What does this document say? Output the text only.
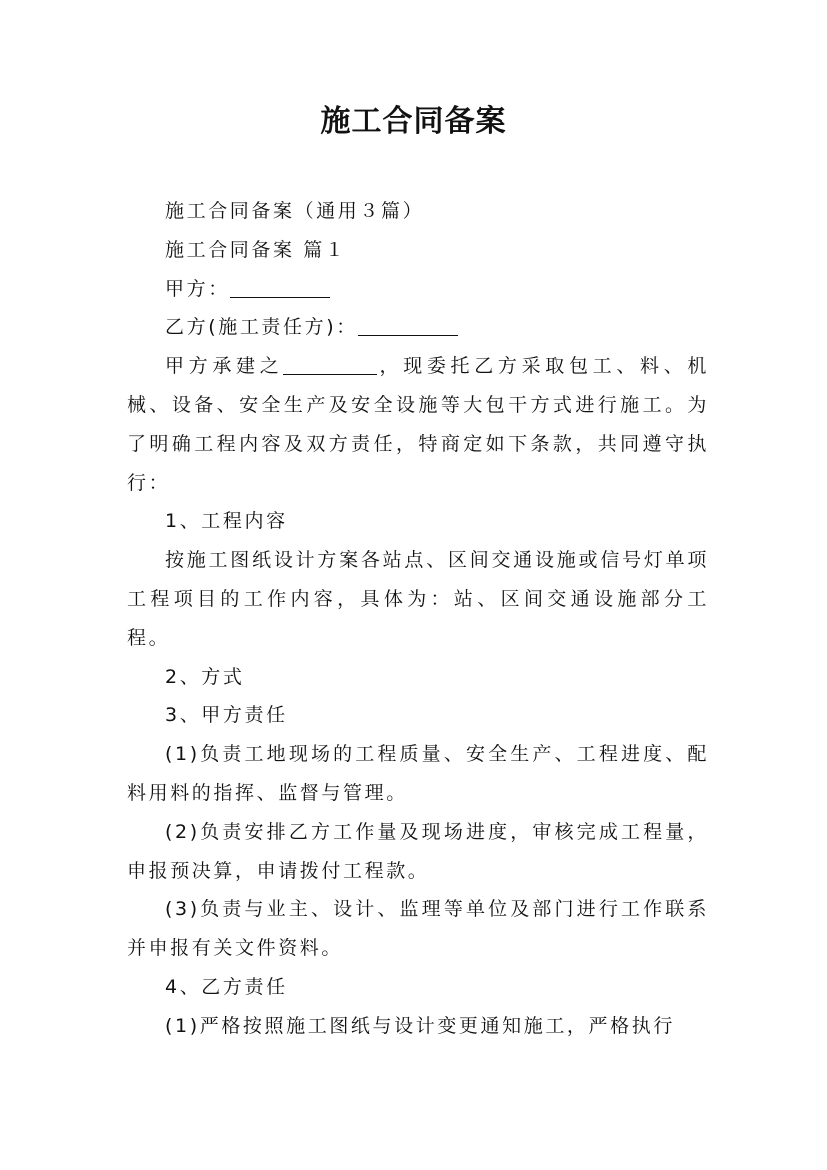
施工合同备案

施工合同备案（通用３篇）

施工合同备案 篇１

甲方：

乙方(施工责任方)：

甲方承建之	，现委托乙方采取包工、料、机械、设备、安全生产及安全设施等大包干方式进行施工。为了明确工程内容及双方责任，特商定如下条款，共同遵守执行：

1、工程内容

按施工图纸设计方案各站点、区间交通设施或信号灯单项工程项目的工作内容，具体为：站、区间交通设施部分工程。

2、方式

3、甲方责任

(1)负责工地现场的工程质量、安全生产、工程进度、配料用料的指挥、监督与管理。

(2)负责安排乙方工作量及现场进度，审核完成工程量，申报预决算，申请拨付工程款。

(3)负责与业主、设计、监理等单位及部门进行工作联系并申报有关文件资料。

4、乙方责任

(1)严格按照施工图纸与设计变更通知施工，严格执行
